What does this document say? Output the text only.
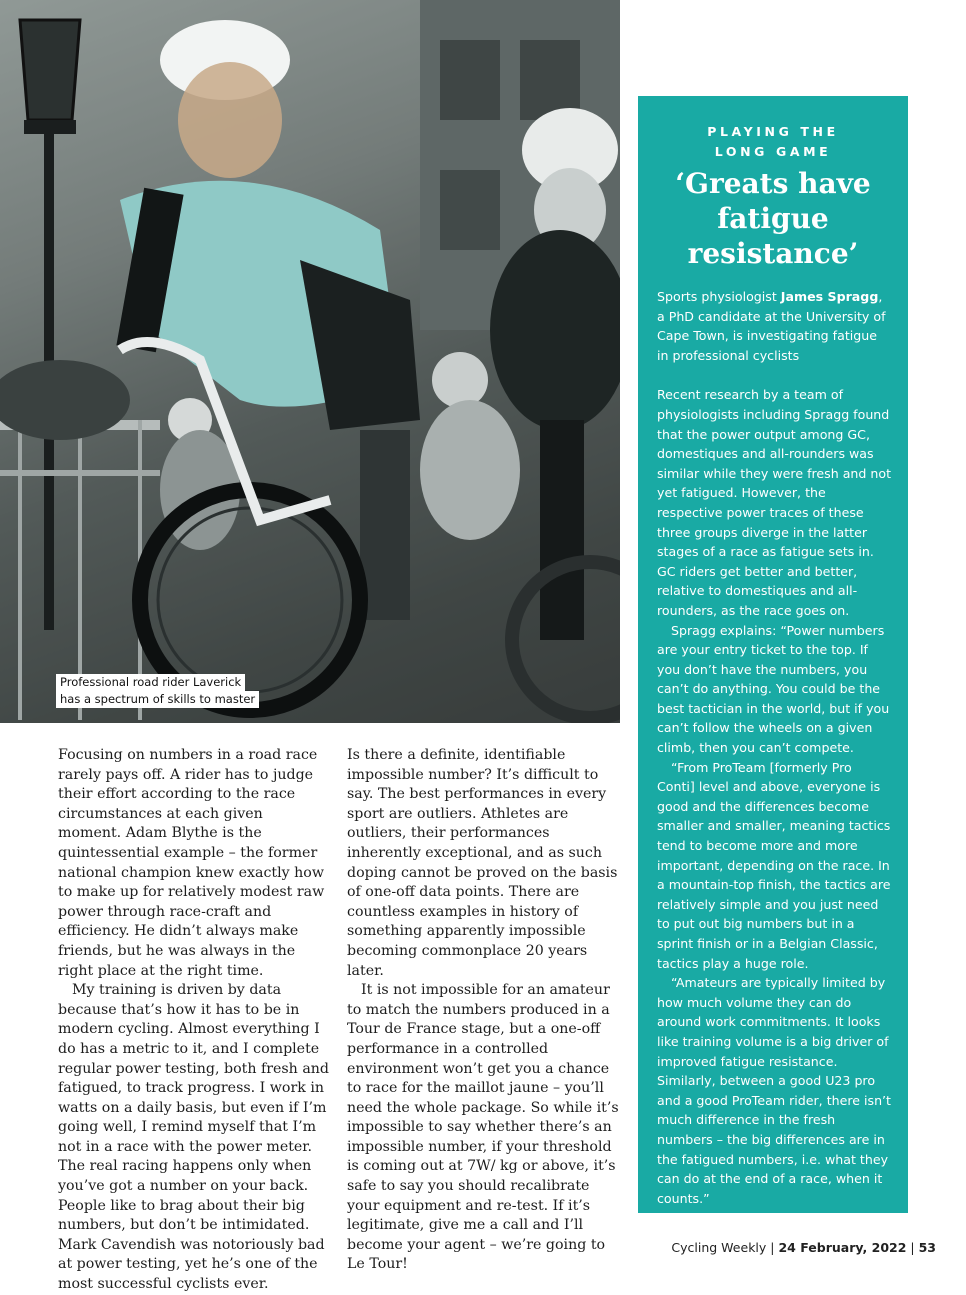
Professional road rider Laverick
has a spectrum of skills to master

Focusing on numbers in a road race rarely pays off. A rider has to judge their effort according to the race circumstances at each given moment. Adam Blythe is the quintessential example – the former national champion knew exactly how to make up for relatively modest raw power through race-craft and efficiency. He didn’t always make friends, but he was always in the right place at the right time.

My training is driven by data because that’s how it has to be in modern cycling. Almost everything I do has a metric to it, and I complete regular power testing, both fresh and fatigued, to track progress. I work in watts on a daily basis, but even if I’m going well, I remind myself that I’m not in a race with the power meter. The real racing happens only when you’ve got a number on your back. People like to brag about their big numbers, but don’t be intimidated. Mark Cavendish was notoriously bad at power testing, yet he’s one of the most successful cyclists ever.

Is there a definite, identifiable impossible number? It’s difficult to say. The best performances in every sport are outliers. Athletes are outliers, their performances inherently exceptional, and as such doping cannot be proved on the basis of one-off data points. There are countless examples in history of something apparently impossible becoming commonplace 20 years later.

It is not impossible for an amateur to match the numbers produced in a Tour de France stage, but a one-off performance in a controlled environment won’t get you a chance to race for the maillot jaune – you’ll need the whole package. So while it’s impossible to say whether there’s an impossible number, if your threshold is coming out at 7W/ kg or above, it’s safe to say you should recalibrate your equipment and re-test. If it’s legitimate, give me a call and I’ll become your agent – we’re going to Le Tour!

PLAYING THE
LONG GAME
‘Greats have
fatigue
resistance’
Sports physiologist James Spragg, a PhD candidate at the University of Cape Town, is investigating fatigue in professional cyclists

Recent research by a team of physiologists including Spragg found that the power output among GC, domestiques and all-rounders was similar while they were fresh and not yet fatigued. However, the respective power traces of these three groups diverge in the latter stages of a race as fatigue sets in. GC riders get better and better, relative to domestiques and all-rounders, as the race goes on.

Spragg explains: “Power numbers are your entry ticket to the top. If you don’t have the numbers, you can’t do anything. You could be the best tactician in the world, but if you can’t follow the wheels on a given climb, then you can’t compete.

“From ProTeam [formerly Pro Conti] level and above, everyone is good and the differences become smaller and smaller, meaning tactics tend to become more and more important, depending on the race. In a mountain-top finish, the tactics are relatively simple and you just need to put out big numbers but in a sprint finish or in a Belgian Classic, tactics play a huge role.

“Amateurs are typically limited by how much volume they can do around work commitments. It looks like training volume is a big driver of improved fatigue resistance. Similarly, between a good U23 pro and a good ProTeam rider, there isn’t much difference in the fresh numbers – the big differences are in the fatigued numbers, i.e. what they can do at the end of a race, when it counts.”

Cycling Weekly | 24 February, 2022 | 53
